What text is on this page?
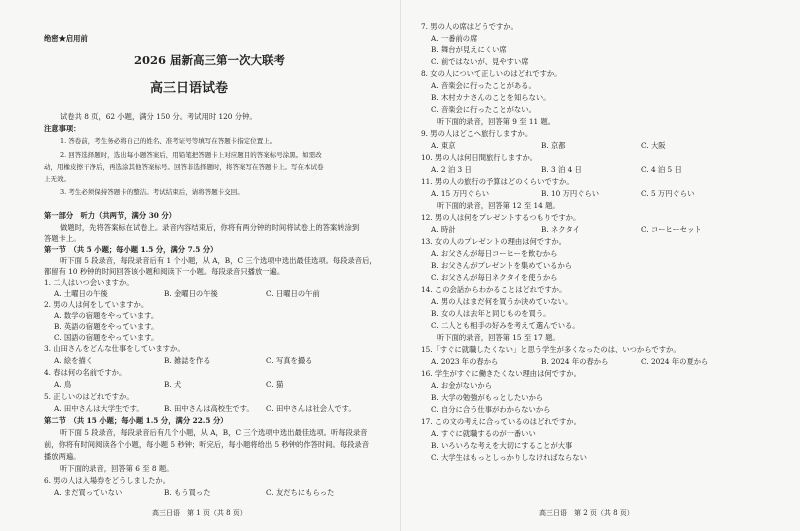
绝密★启用前
2026 届新高三第一次大联考
高三日语试卷
试卷共 8 页，62 小题，满分 150 分。考试用时 120 分钟。
注意事项：
1. 答卷前，考生务必将自己的姓名、准考证号等填写在答题卡指定位置上。
2. 回答选择题时，选出每小题答案后，用铅笔把答题卡上对应题目的答案标号涂黑。如需改
动，用橡皮擦干净后，再选涂其他答案标号。回答非选择题时，将答案写在答题卡上。写在本试卷
上无效。
3. 考生必须保持答题卡的整洁。考试结束后，请将答题卡交回。
第一部分　听力（共两节，满分 30 分）
做题时，先将答案标在试卷上。录音内容结束后，你将有两分钟的时间将试卷上的答案转涂到
答题卡上。
第一节　（共 5 小题；每小题 1.5 分，满分 7.5 分）
听下面 5 段录音，每段录音后有 1 个小题，从 A，B，C 三个选项中选出最佳选项。每段录音后，
都留有 10 秒钟的时间回答该小题和阅读下一小题。每段录音只播放一遍。
1. 二人はいつ会いますか。
A. 土曜日の午後	B. 金曜日の午後	C. 日曜日の午前
2. 男の人は何をしていますか。
A. 数学の宿題をやっています。
B. 英語の宿題をやっています。
C. 国語の宿題をやっています。
3. 山田さんをどんな仕事をしていますか。
A. 絵を描く	B. 雑誌を作る	C. 写真を撮る
4. 春は何の名前ですか。
A. 鳥	B. 犬	C. 猫
5. 正しいのはどれですか。
A. 田中さんは大学生です。	B. 田中さんは高校生です。 C. 田中さんは社会人です。
第二节　（共 15 小题；每小题 1.5 分，满分 22.5 分）
听下面 5 段录音，每段录音后有几个小题，从 A，B，C 三个选项中选出最佳选项。听每段录音
前，你将有时间阅读各个小题，每小题 5 秒钟；听完后，每小题将给出 5 秒钟的作答时间。每段录音
播放两遍。
听下面的录音，回答第 6 至 8 题。
6. 男の人は入場券をどうしましたか。
A. まだ買っていない	B. もう買った	C. 友だちにもらった
高三日语　第 1 页（共 8 页）
7. 男の人の席はどうですか。
A. 一番前の席
B. 舞台が見えにくい席
C. 前ではないが、見やすい席
8. 女の人について正しいのはどれですか。
A. 音楽会に行ったことがある。
B. 木村カナさんのことを知らない。
C. 音楽会に行ったことがない。
听下面的录音，回答第 9 至 11 题。
9. 男の人はどこへ旅行しますか。
A. 東京	B. 京都	C. 大阪
10. 男の人は何日間旅行しますか。
A. 2 泊 3 日	B. 3 泊 4 日	C. 4 泊 5 日
11. 男の人の旅行の予算はどのくらいですか。
A. 15 万円ぐらい	B. 10 万円ぐらい	C. 5 万円ぐらい
听下面的录音，回答第 12 至 14 题。
12. 男の人は何をプレゼントするつもりですか。
A. 時計	B. ネクタイ	C. コーヒーセット
13. 女の人のプレゼントの理由は何ですか。
A. お父さんが毎日コーヒーを飲むから
B. お父さんがプレゼントを集めているから
C. お父さんが毎日ネクタイを使うから
14. この会話からわかることはどれですか。
A. 男の人はまだ何を買うか決めていない。
B. 女の人は去年と同じものを買う。
C. 二人とも相手の好みを考えて選んでいる。
听下面的录音，回答第 15 至 17 题。
15.「すぐに就職したくない」と思う学生が多くなったのは、いつからですか。
A. 2023 年の春から	B. 2024 年の春から	C. 2024 年の夏から
16. 学生がすぐに働きたくない理由は何ですか。
A. お金がないから
B. 大学の勉強がもっとしたいから
C. 自分に合う仕事がわからないから
17. この文の考えに合っているのはどれですか。
A. すぐに就職するのが一番いい
B. いろいろな考えを大切にすることが大事
C. 大学生はもっとしっかりしなければならない
高三日语　第 2 页（共 8 页）
